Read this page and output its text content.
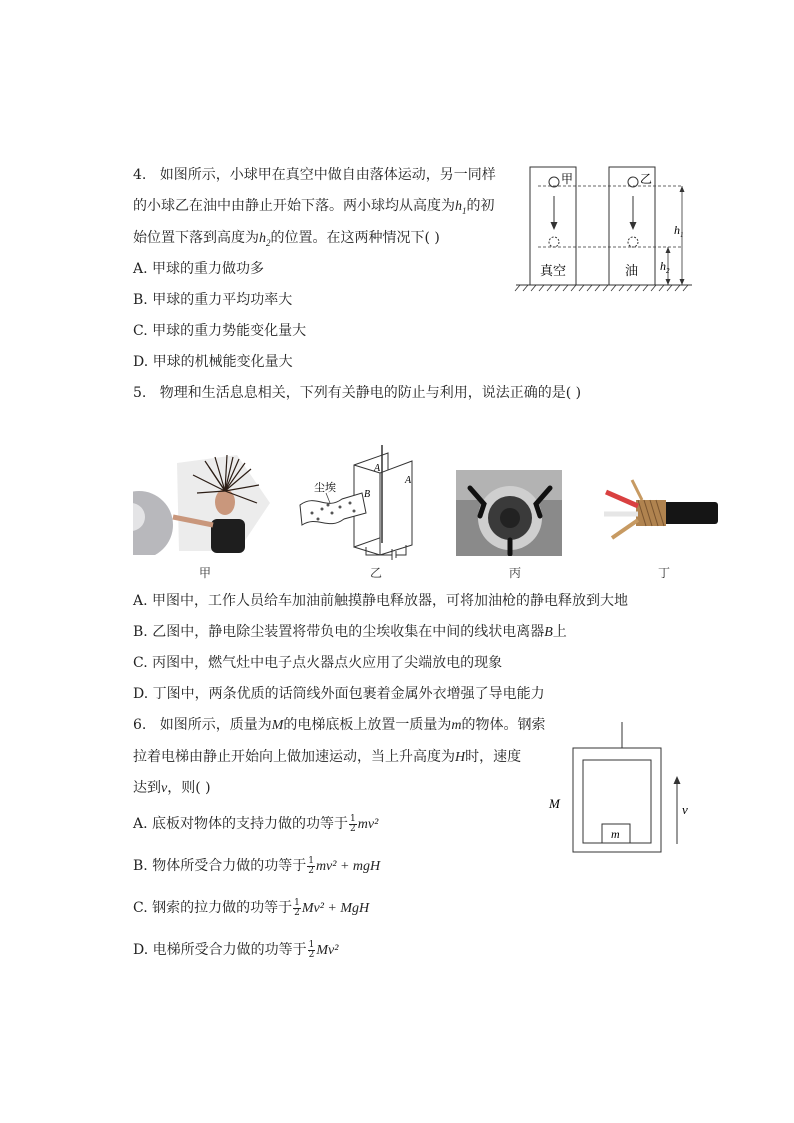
4. 如图所示，小球甲在真空中做自由落体运动，另一同样
的小球乙在油中由静止开始下落。两小球均从高度为$h_1$的初
始位置下落到高度为$h_2$的位置。在这两种情况下( )
A. 甲球的重力做功多
B. 甲球的重力平均功率大
C. 甲球的重力势能变化量大
D. 甲球的机械能变化量大
甲	乙
真空	油
$h_1$
$h_2$
5. 物理和生活息息相关，下列有关静电的防止与利用，说法正确的是( )
甲
尘埃
A
A
B
乙	丙	丁
A. 甲图中，工作人员给车加油前触摸静电释放器，可将加油枪的静电释放到大地
B. 乙图中，静电除尘装置将带负电的尘埃收集在中间的线状电离器B上
C. 丙图中，燃气灶中电子点火器点火应用了尖端放电的现象
D. 丁图中，两条优质的话筒线外面包裹着金属外衣增强了导电能力
6. 如图所示，质量为M的电梯底板上放置一质量为m的物体。钢索
拉着电梯由静止开始向上做加速运动，当上升高度为H时，速度
达到v，则( )
A. 底板对物体的支持力做的功等于 $\frac{1}{2} mv^2$
B. 物体所受合力做的功等于 $\frac{1}{2} mv^2$ + mgH
C. 钢索的拉力做的功等于 $\frac{1}{2} Mv^2$ + MgH
D. 电梯所受合力做的功等于 $\frac{1}{2} Mv^2$
m
M	v
